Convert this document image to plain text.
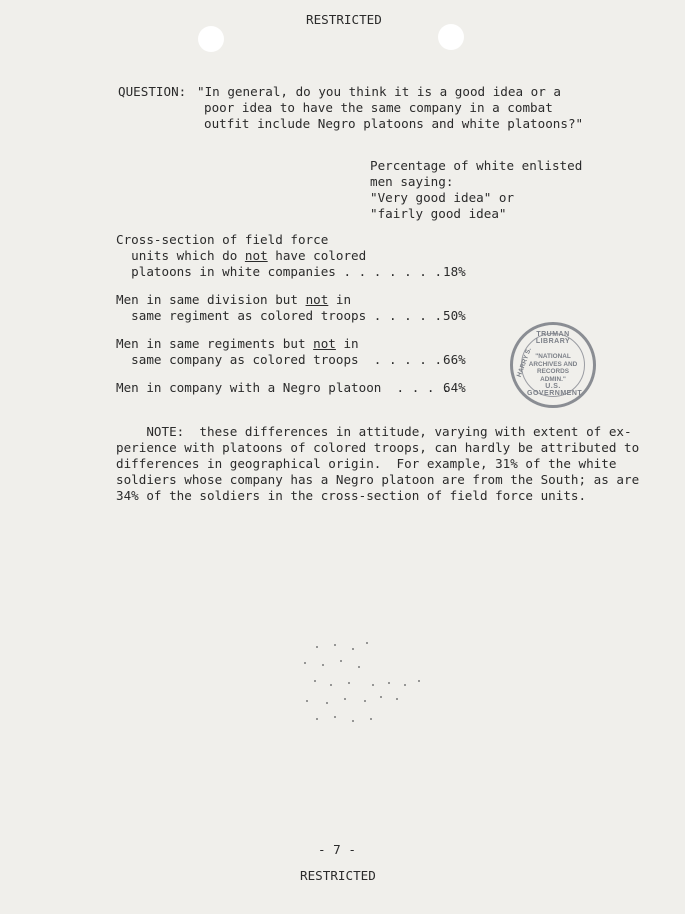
RESTRICTED
QUESTION: "In general, do you think it is a good idea or a
poor idea to have the same company in a combat
outfit include Negro platoons and white platoons?"
Percentage of white enlisted
men saying:
"Very good idea" or
"fairly good idea"
Cross-section of field force
units which do not have colored
platoons in white companies . . . . . . . 18%
Men in same division but not in
same regiment as colored troops . . . . . 50%
Men in same regiments but not in
same company as colored troops  . . . . . 66%
Men in company with a Negro platoon  . . . .
64%
TRUMAN LIBRARY
HARRY S. "NATIONAL
ARCHIVES AND
RECORDS
ADMIN."
U.S. GOVERNMENT
NOTE:  these differences in attitude, varying with extent of ex-
perience with platoons of colored troops, can hardly be attributed to
differences in geographical origin.  For example, 31% of the white
soldiers whose company has a Negro platoon are from the South; as are
34% of the soldiers in the cross-section of field force units.
- 7 -
RESTRICTED
